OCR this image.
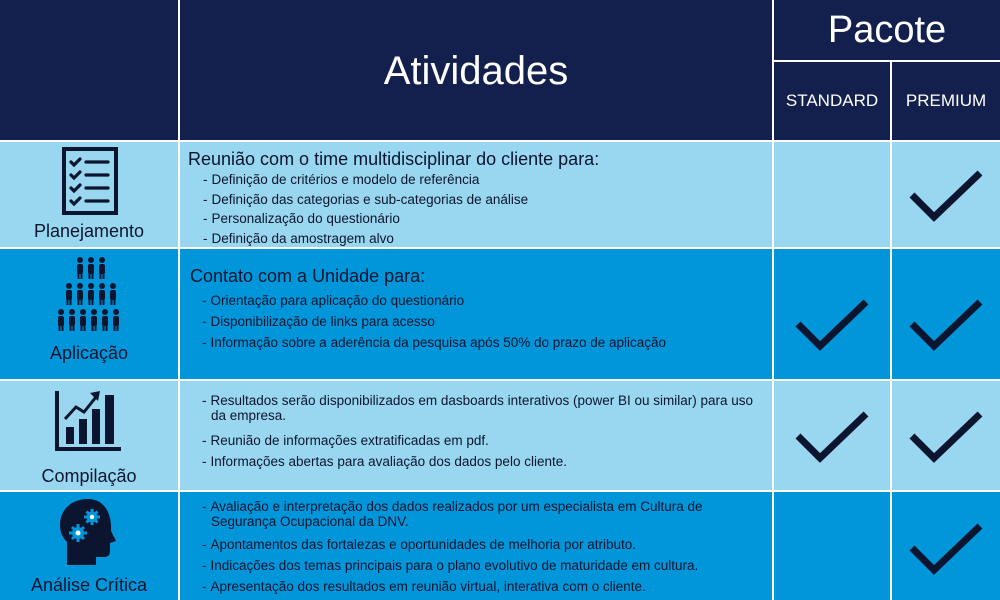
Atividades
Pacote
STANDARD	PREMIUM
Planejamento
Reunião com o time multidisciplinar do cliente para:
- Definição de critérios e modelo de referência
- Definição das categorias e sub-categorias de análise
- Personalização do questionário
- Definição da amostragem alvo
Aplicação
Contato com a Unidade para:
- Orientação para aplicação do questionário
- Disponibilização de links para acesso
- Informação sobre a aderência da pesquisa após 50% do prazo de aplicação
Compilação
- Resultados serão disponibilizados em dasboards interativos (power BI ou similar) para uso da empresa.
- Reunião de informações extratificadas em pdf.
- Informações abertas para avaliação dos dados pelo cliente.
Análise Crítica
- Avaliação e interpretação dos dados realizados por um especialista em Cultura de Segurança Ocupacional da DNV.
- Apontamentos das fortalezas e oportunidades de melhoria por atributo.
- Indicações dos temas principais para o plano evolutivo de maturidade em cultura.
- Apresentação dos resultados em reunião virtual, interativa com o cliente.
